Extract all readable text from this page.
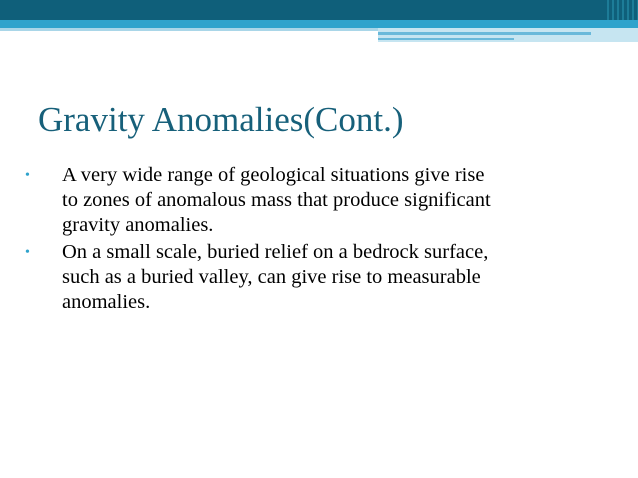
Gravity Anomalies(Cont.)
•	A very wide range of geological situations give rise
to zones of anomalous mass that produce significant
gravity anomalies.
•	On a small scale, buried relief on a bedrock surface,
such as a buried valley, can give rise to measurable
anomalies.
